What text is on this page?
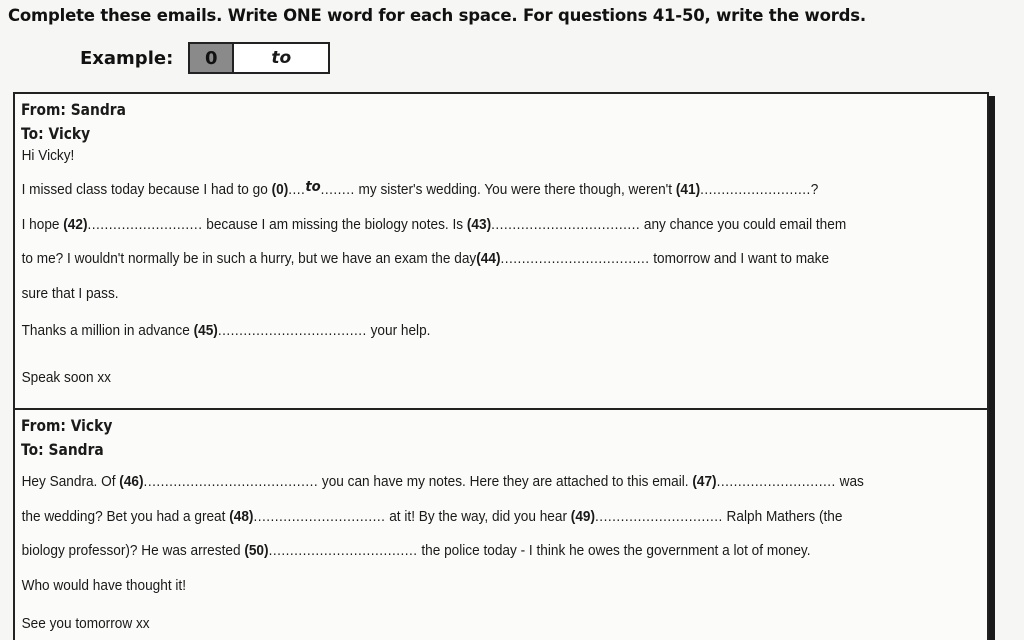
Complete these emails. Write ONE word for each space. For questions 41-50, write the words.
Example:	0	to
From: Sandra
To: Vicky
Hi Vicky!
I missed class today because I had to go (0)....to........ my sister's wedding. You were there though, weren't (41)..........................?
I hope (42)........................... because I am missing the biology notes. Is (43)................................... any chance you could email them
to me? I wouldn't normally be in such a hurry, but we have an exam the day(44)................................... tomorrow and I want to make
sure that I pass.
Thanks a million in advance (45)................................... your help.
Speak soon xx
From: Vicky
To: Sandra
Hey Sandra. Of (46)......................................... you can have my notes. Here they are attached to this email. (47)............................ was
the wedding? Bet you had a great (48)............................... at it! By the way, did you hear (49).............................. Ralph Mathers (the
biology professor)? He was arrested (50)................................... the police today - I think he owes the government a lot of money.
Who would have thought it!
See you tomorrow xx
